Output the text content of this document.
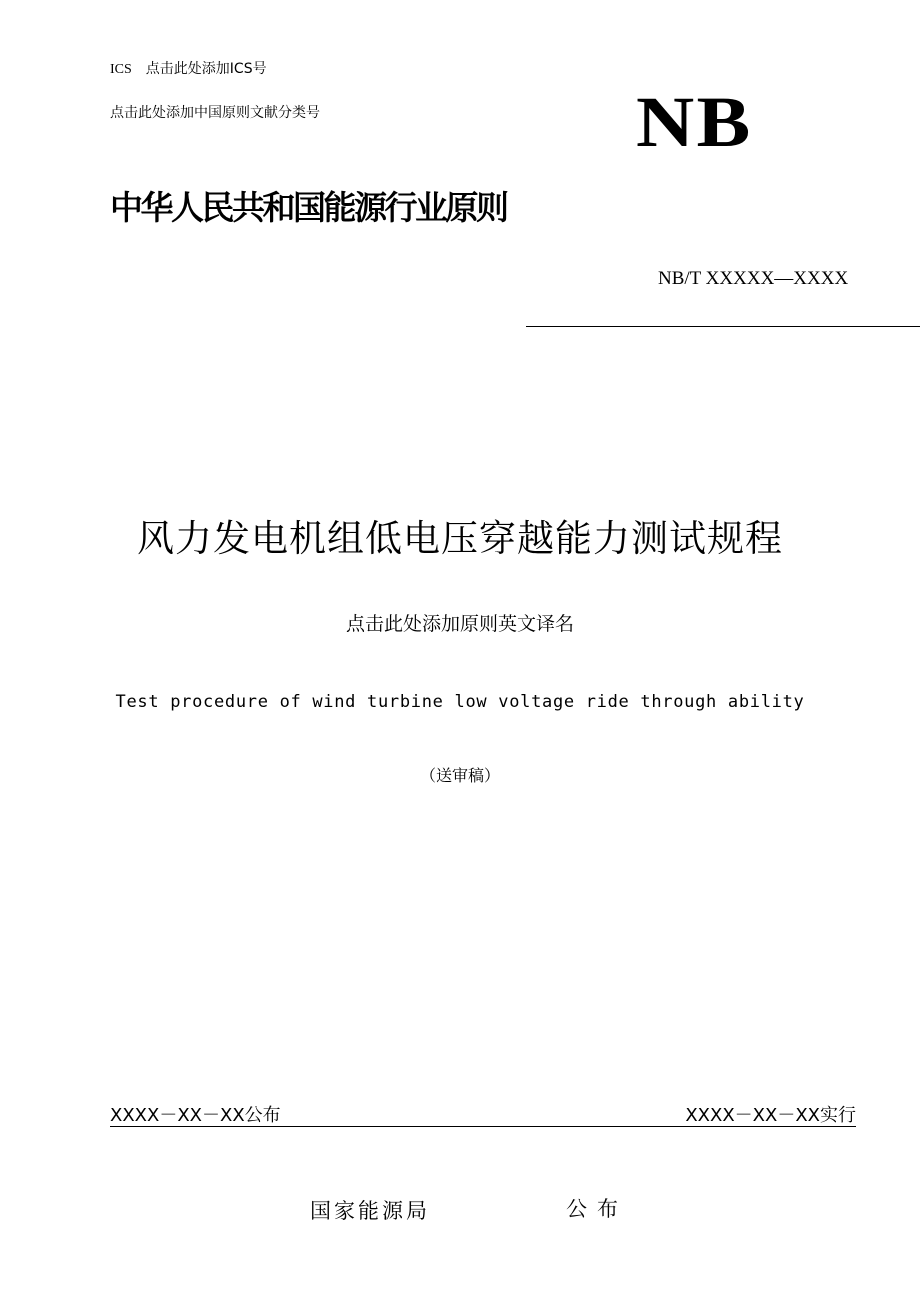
ICS 点击此处添加ICS号
点击此处添加中国原则文献分类号	NB
中华人民共和国能源行业原则
NB/T XXXXX—XXXX
风力发电机组低电压穿越能力测试规程
点击此处添加原则英文译名
Test procedure of wind turbine low voltage ride through ability
（送审稿）
XXXX－XX－XX公布	XXXX－XX－XX实行
国家能源局	公布
